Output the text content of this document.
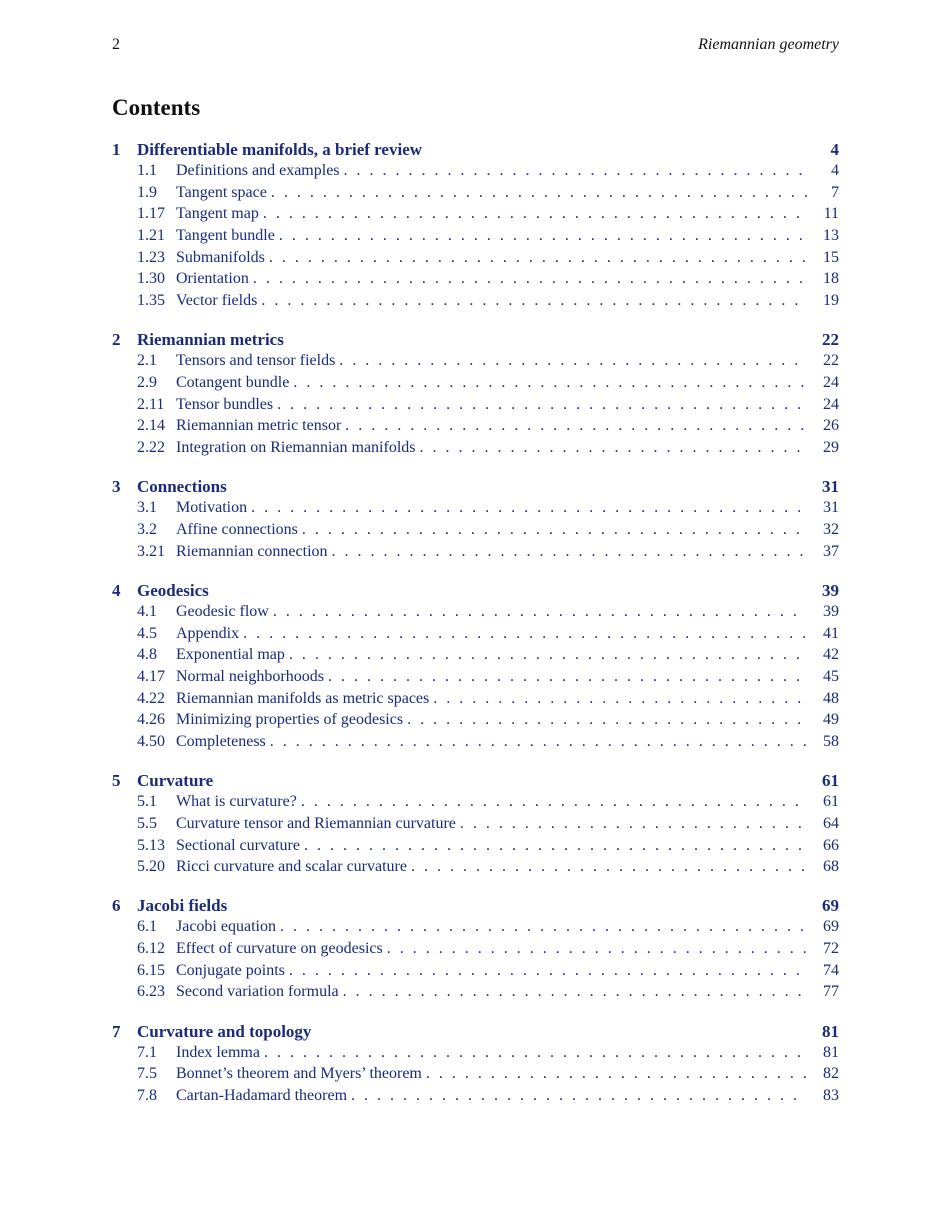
2	Riemannian geometry
Contents
1 Differentiable manifolds, a brief review	4
1.1	Definitions and examples . . .	4
1.9	Tangent space . . .	7
1.17 Tangent map . . .	11
1.21 Tangent bundle . . .	13
1.23 Submanifolds . . .	15
1.30 Orientation . . .	18
1.35 Vector fields . . .	19
2 Riemannian metrics	22
2.1	Tensors and tensor fields . . .	22
2.9	Cotangent bundle . . .	24
2.11 Tensor bundles . . .	24
2.14 Riemannian metric tensor . . .	26
2.22 Integration on Riemannian manifolds . . .	29
3 Connections	31
3.1	Motivation . . .	31
3.2	Affine connections . . .	32
3.21 Riemannian connection . . .	37
4 Geodesics	39
4.1	Geodesic flow . . .	39
4.5	Appendix . . .	41
4.8	Exponential map . . .	42
4.17 Normal neighborhoods . . .	45
4.22 Riemannian manifolds as metric spaces . . .	48
4.26 Minimizing properties of geodesics . . .	49
4.50 Completeness . . .	58
5 Curvature	61
5.1	What is curvature? . . .	61
5.5	Curvature tensor and Riemannian curvature . . .	64
5.13 Sectional curvature . . .	66
5.20 Ricci curvature and scalar curvature . . .	68
6 Jacobi fields	69
6.1	Jacobi equation . . .	69
6.12 Effect of curvature on geodesics . . .	72
6.15 Conjugate points . . .	74
6.23 Second variation formula . . .	77
7 Curvature and topology	81
7.1	Index lemma . . .	81
7.5	Bonnet’s theorem and Myers’ theorem . . .	82
7.8	Cartan-Hadamard theorem . . .	83
